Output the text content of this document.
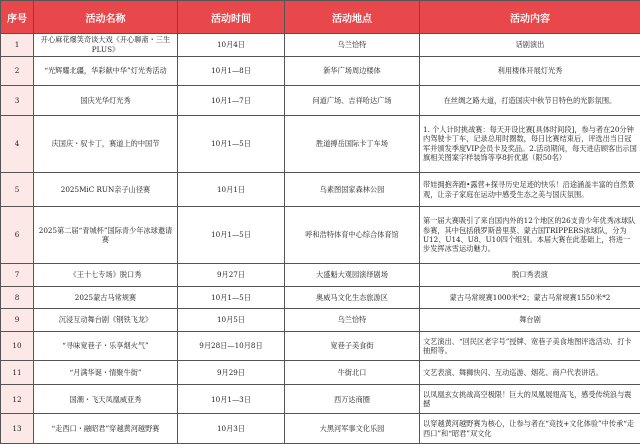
序号	活动名称	活动时间	活动地点	活动内容
1	开心麻花爆笑奇谈大戏《开心聊斋・三生PLUS》	10月4日	乌兰恰特	话剧演出
2	“光辉耀北疆，华彩献中华”灯光秀活动	10月1—8日	新华广场周边楼体	利用楼体开展灯光秀
3	国庆光华灯光秀	10月1—7日	问道广场、吉祥哈达广场	在丝绸之路大道，打造国庆中秋节日特色的光影氛围。
4	庆国庆・驭卡丁，赛道上的中国节	10月1—5日	胜道搏岳国际卡丁车场	1. 个人计时挑战赛：每天开设比赛[具体时间段]，参与者在20分钟内驾驶卡丁车，记录总用时圈数，每日比赛结束后，评选出当日冠军并颁发季度VIP会员卡及奖品。2.活动期间，每天进店顾客出示国旗相关图案字样装饰等享8折优惠（限50名）
5	2025MiC RUN亲子山径赛	10月1日	乌素图国家森林公园	带娃拥抱奔跑•露营+探寻历史足迹的快乐！沿途涵盖丰富的自然景观，让亲子家庭在运动中感受生态之美与国庆氛围。
6	2025第二届“青城杯”国际青少年冰球邀请赛	10月1—5日	呼和浩特体育中心综合体育馆	第一届大赛吸引了来自国内外的12个地区的26支青少年优秀冰球队参赛，其中包括俄罗斯普里莫、蒙古国TRIPPERS冰球队，分为U12、U14、U8、U10四个组别。本届大赛在此基础上，将进一步发挥冰雪运动魅力。
7	《王十七专场》脱口秀	9月27日	大盛魁大观园演绎剧场	脱口秀表演
8	2025蒙古马常规赛	10月1—5日	奥威马文化生态旅游区	蒙古马常规赛1000米*2；蒙古马常规赛1550米*2
9	沉浸互动舞台剧《钢铁飞龙》	10月5日	乌兰恰特	舞台剧
10	“寻味宽巷子・乐享烟火气”	9月28日—10月8日	宽巷子美食街	文艺演出、“回民区老字号”授牌、宽巷子美食地图评选活动、打卡抽照等。
11	“月满华诞・情聚牛街”	9月29日	牛街北口	文艺表演、舞狮快闪、互动巡游、烟花、商户代表讲话。
12	国潮・飞天凤凰威亚秀	10月1—3日	西万达商圈	以凤凰玄女挑战高空极限！巨大的凤凰展翅高飞，感受传统浪与震撼
13	“走西口・融昭君”穿越黄河越野赛	10月3日	大黑河军事文化乐园	以穿越黄河越野赛为核心，让参与者在“竞技+文化体验”中传承“走西口”和“昭君”双文化
